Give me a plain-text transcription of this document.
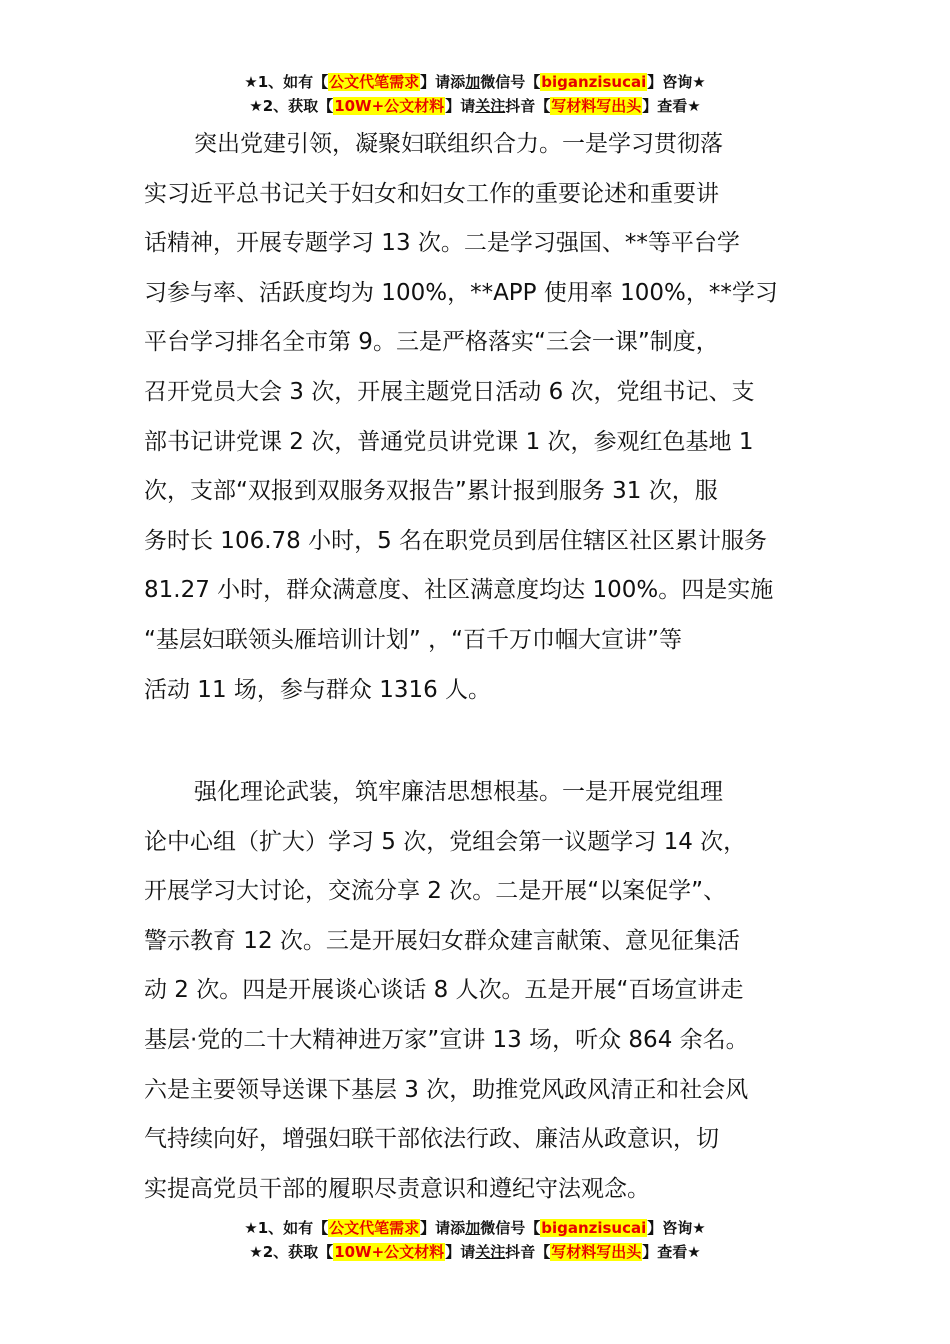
★1、如有【公文代笔需求】请添加微信号【biganzisucai】咨询★
★2、获取【10W+公文材料】请关注抖音【写材料写出头】查看★
突出党建引领，凝聚妇联组织合力。一是学习贯彻落
实习近平总书记关于妇女和妇女工作的重要论述和重要讲
话精神，开展专题学习 13 次。二是学习强国、**等平台学
习参与率、活跃度均为 100%，**APP 使用率 100%，**学习
平台学习排名全市第 9。三是严格落实“三会一课”制度，
召开党员大会 3 次，开展主题党日活动 6 次，党组书记、支
部书记讲党课 2 次，普通党员讲党课 1 次，参观红色基地 1
次，支部“双报到双服务双报告”累计报到服务 31 次，服
务时长 106.78 小时，5 名在职党员到居住辖区社区累计服务
81.27 小时，群众满意度、社区满意度均达 100%。四是实施
“基层妇联领头雁培训计划” ，“百千万巾帼大宣讲”等
活动 11 场，参与群众 1316 人。
强化理论武装，筑牢廉洁思想根基。一是开展党组理
论中心组（扩大）学习 5 次，党组会第一议题学习 14 次，
开展学习大讨论，交流分享 2 次。二是开展“以案促学”、
警示教育 12 次。三是开展妇女群众建言献策、意见征集活
动 2 次。四是开展谈心谈话 8 人次。五是开展“百场宣讲走
基层·党的二十大精神进万家”宣讲 13 场，听众 864 余名。
六是主要领导送课下基层 3 次，助推党风政风清正和社会风
气持续向好，增强妇联干部依法行政、廉洁从政意识，切
实提高党员干部的履职尽责意识和遵纪守法观念。
★1、如有【公文代笔需求】请添加微信号【biganzisucai】咨询★
★2、获取【10W+公文材料】请关注抖音【写材料写出头】查看★
